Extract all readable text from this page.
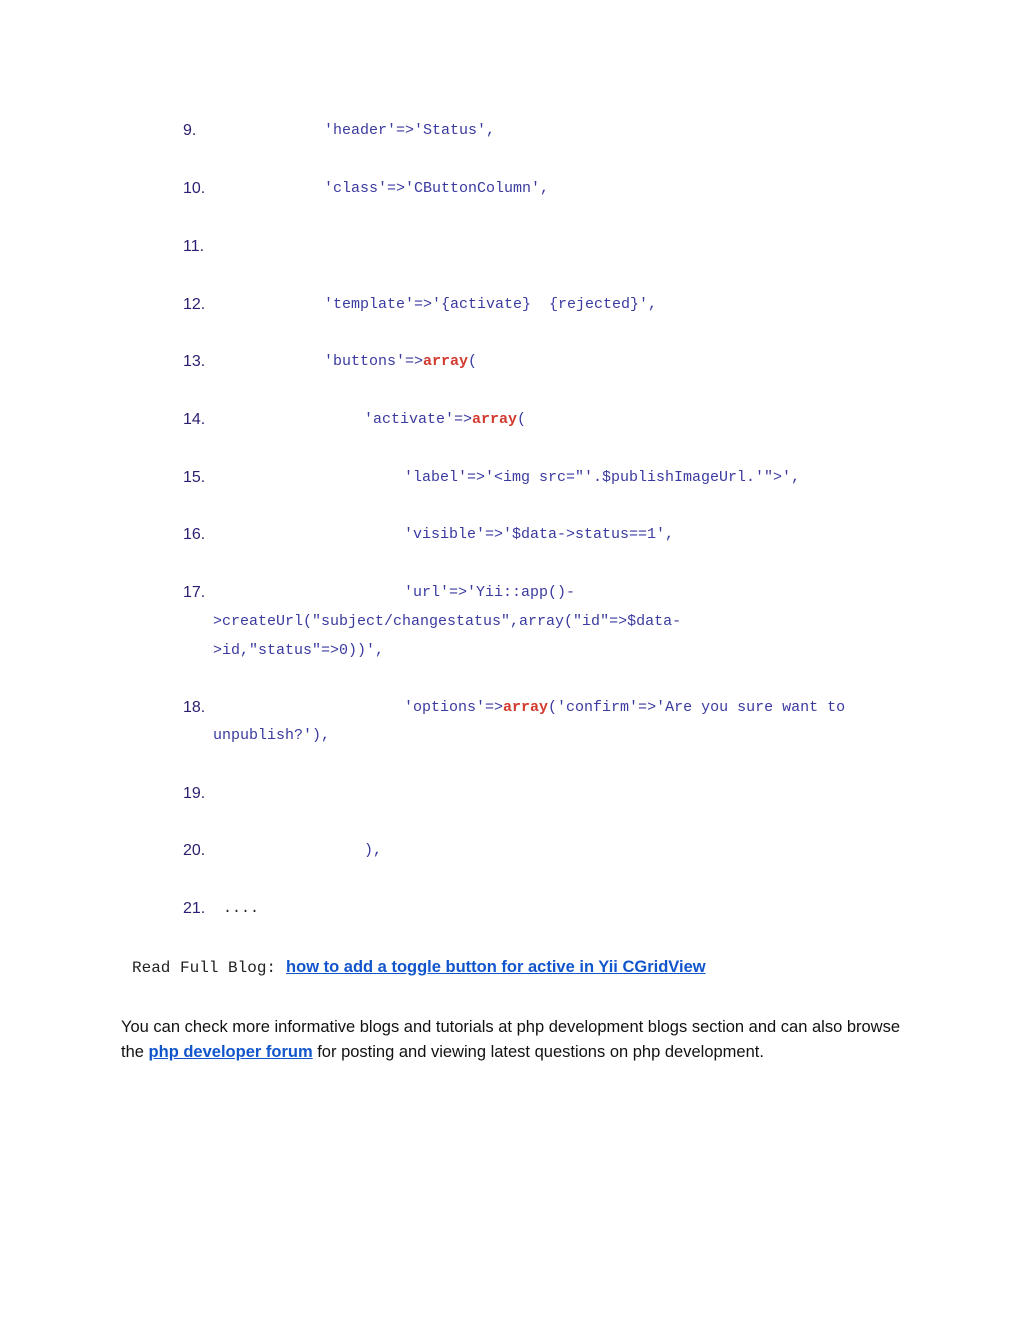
9.	'header'=>'Status',
10.	'class'=>'CButtonColumn',
11.
12.	'template'=>'{activate}  {rejected}',
13.	'buttons'=>array(
14.	'activate'=>array(
15.	'label'=>'<img src="'.$publishImageUrl.'">',
16.	'visible'=>'$data->status==1',
17.	'url'=>'Yii::app()-
>createUrl("subject/changestatus",array("id"=>$data-
>id,"status"=>0))',
18.	'options'=>array('confirm'=>'Are you sure want to
unpublish?'),
19.
20.	),
21. ....
Read Full Blog: how to add a toggle button for active in Yii CGridView

You can check more informative blogs and tutorials at php development blogs section and can also browse the php developer forum for posting and viewing latest questions on php development.
